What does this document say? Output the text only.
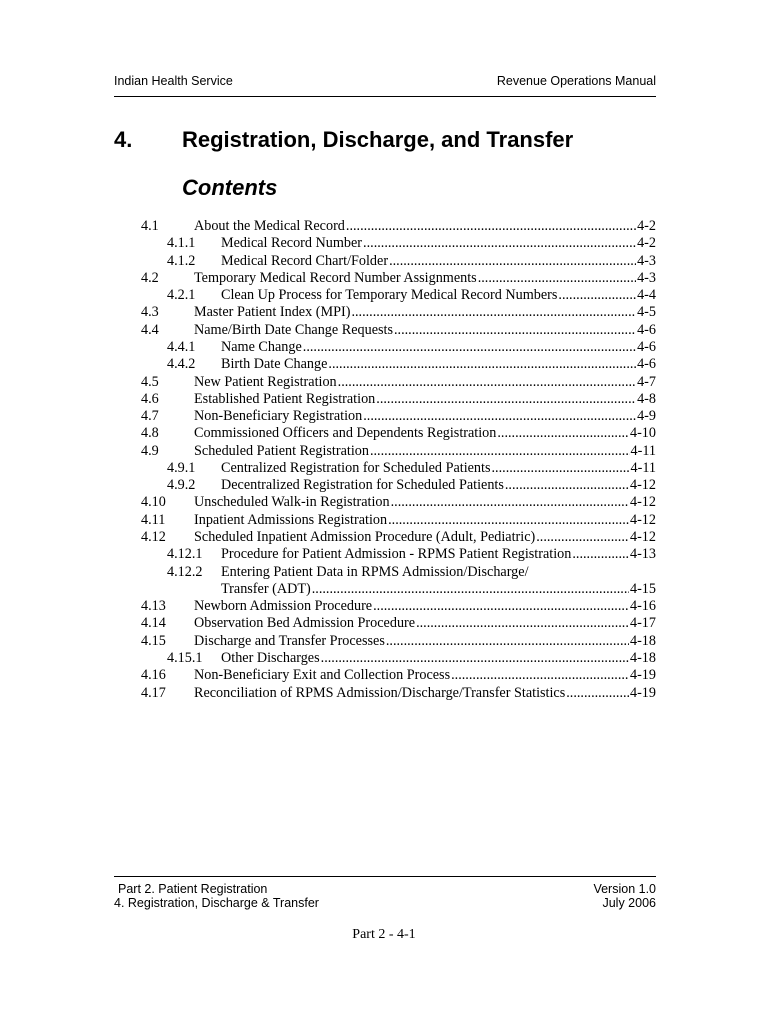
Indian Health Service	Revenue Operations Manual
4. Registration, Discharge, and Transfer
Contents
4.1 About the Medical Record .....	4-2
4.1.1 Medical Record Number .....	4-2
4.1.2 Medical Record Chart/Folder .....	4-3
4.2 Temporary Medical Record Number Assignments .....	4-3
4.2.1 Clean Up Process for Temporary Medical Record Numbers .....	4-4
4.3 Master Patient Index (MPI) .....	4-5
4.4 Name/Birth Date Change Requests .....	4-6
4.4.1 Name Change .....	4-6
4.4.2 Birth Date Change .....	4-6
4.5 New Patient Registration .....	4-7
4.6 Established Patient Registration .....	4-8
4.7 Non-Beneficiary Registration .....	4-9
4.8 Commissioned Officers and Dependents Registration .....	4-10
4.9 Scheduled Patient Registration .....	4-11
4.9.1 Centralized Registration for Scheduled Patients .....	4-11
4.9.2 Decentralized Registration for Scheduled Patients .....	4-12
4.10 Unscheduled Walk-in Registration .....	4-12
4.11 Inpatient Admissions Registration .....	4-12
4.12 Scheduled Inpatient Admission Procedure (Adult, Pediatric) .....	4-12
4.12.1 Procedure for Patient Admission - RPMS Patient Registration .....	4-13
4.12.2 Entering Patient Data in RPMS Admission/Discharge/
Transfer (ADT) .....	4-15
4.13 Newborn Admission Procedure .....	4-16
4.14 Observation Bed Admission Procedure .....	4-17
4.15 Discharge and Transfer Processes .....	4-18
4.15.1 Other Discharges .....	4-18
4.16 Non-Beneficiary Exit and Collection Process .....	4-19
4.17 Reconciliation of RPMS Admission/Discharge/Transfer Statistics .....	4-19
Part 2. Patient Registration
4. Registration, Discharge & Transfer
Version 1.0
July 2006
Part 2 - 4-1
